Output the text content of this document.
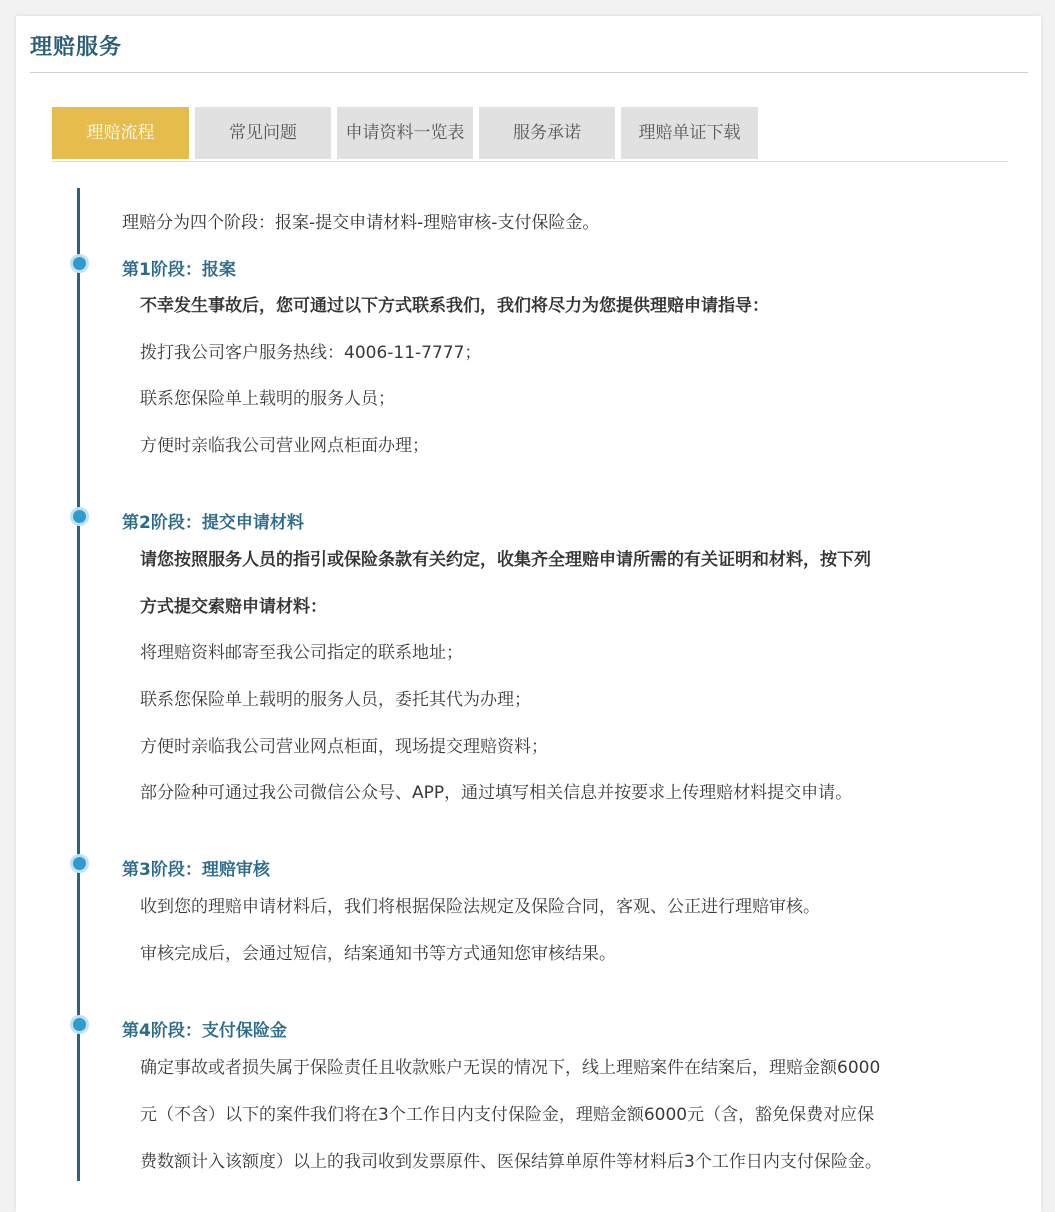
理赔服务
理赔流程	常见问题	申请资料一览表	服务承诺	理赔单证下载
理赔分为四个阶段：报案-提交申请材料-理赔审核-支付保险金。
第1阶段：报案
不幸发生事故后，您可通过以下方式联系我们，我们将尽力为您提供理赔申请指导：
拨打我公司客户服务热线：4006-11-7777；
联系您保险单上载明的服务人员；
方便时亲临我公司营业网点柜面办理；
第2阶段：提交申请材料
请您按照服务人员的指引或保险条款有关约定，收集齐全理赔申请所需的有关证明和材料，按下列
方式提交索赔申请材料：
将理赔资料邮寄至我公司指定的联系地址；
联系您保险单上载明的服务人员，委托其代为办理；
方便时亲临我公司营业网点柜面，现场提交理赔资料；
部分险种可通过我公司微信公众号、APP，通过填写相关信息并按要求上传理赔材料提交申请。
第3阶段：理赔审核
收到您的理赔申请材料后，我们将根据保险法规定及保险合同，客观、公正进行理赔审核。
审核完成后，会通过短信，结案通知书等方式通知您审核结果。
第4阶段：支付保险金
确定事故或者损失属于保险责任且收款账户无误的情况下，线上理赔案件在结案后，理赔金额6000
元（不含）以下的案件我们将在3个工作日内支付保险金，理赔金额6000元（含，豁免保费对应保
费数额计入该额度）以上的我司收到发票原件、医保结算单原件等材料后3个工作日内支付保险金。
